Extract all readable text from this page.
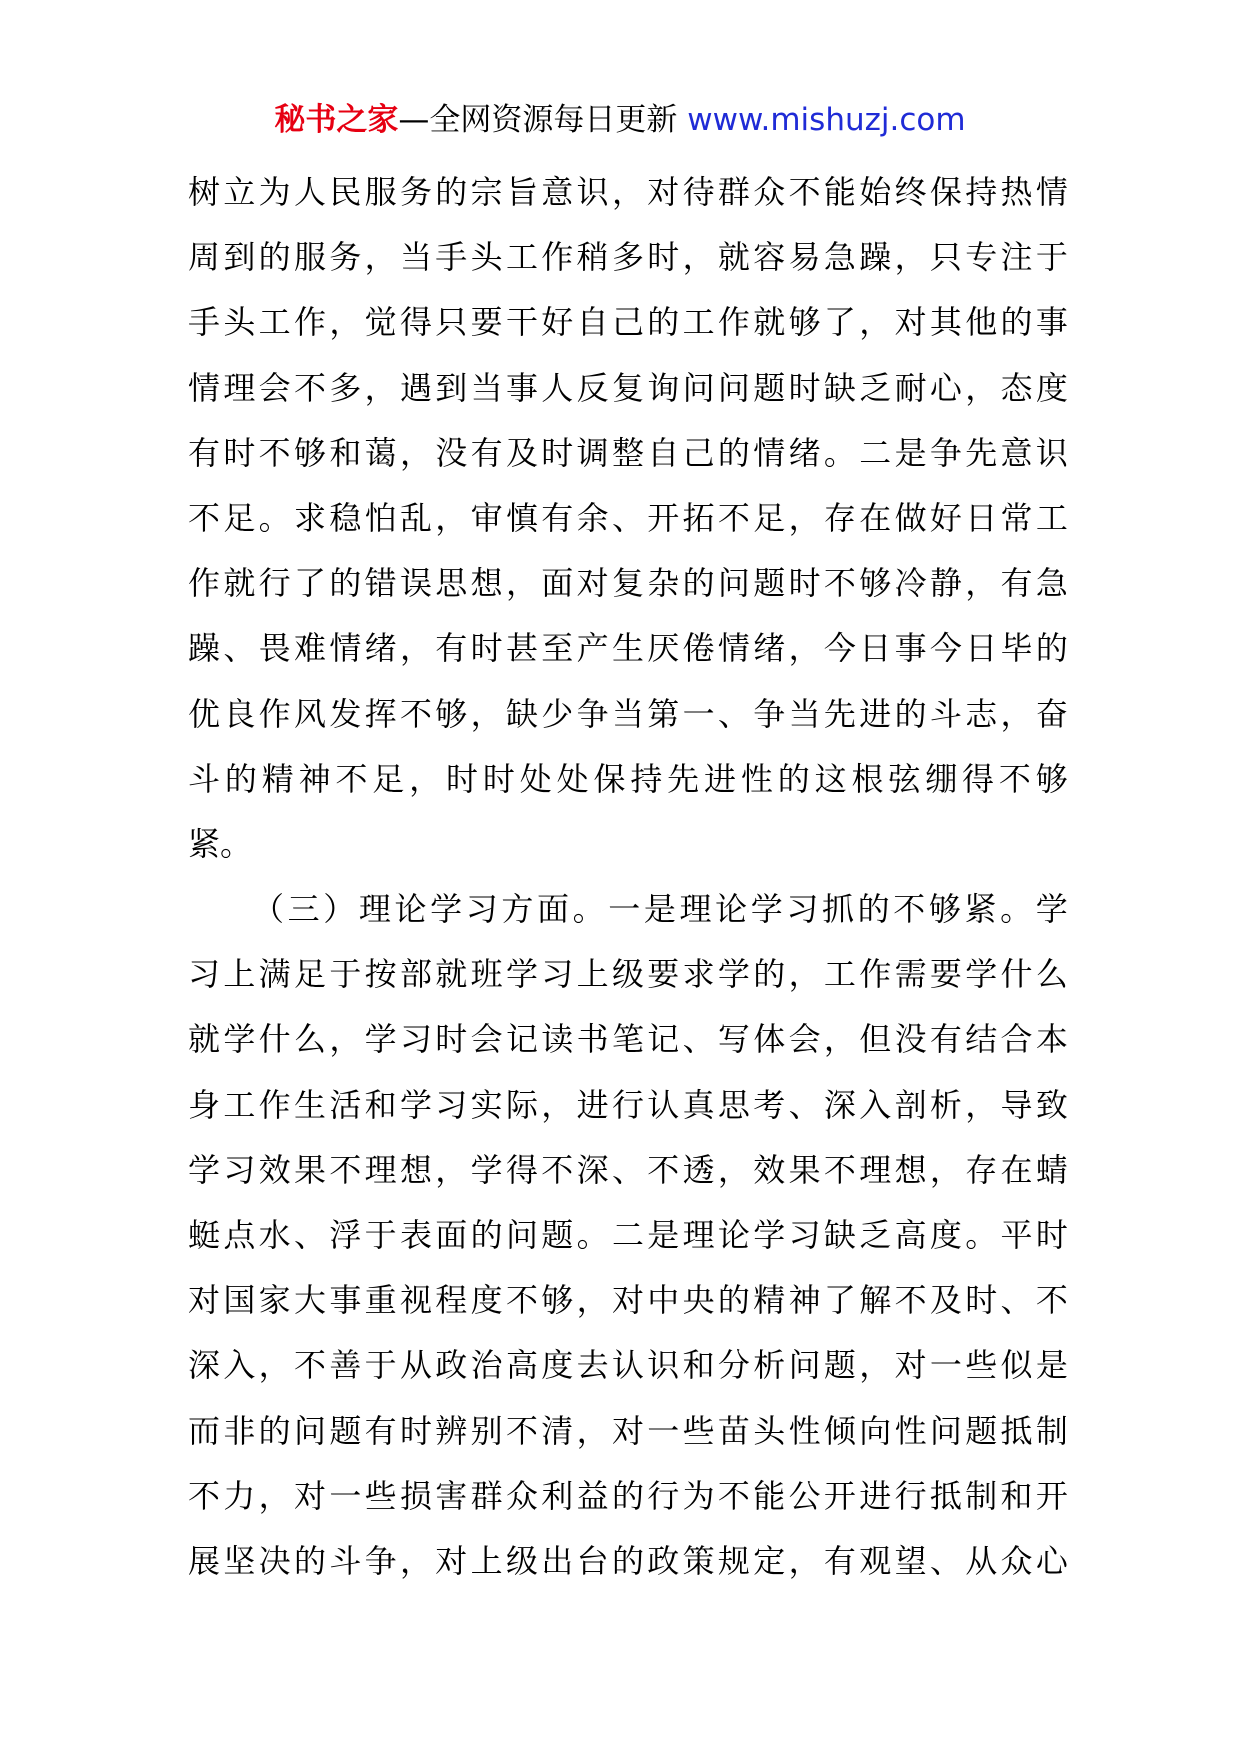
秘书之家—全网资源每日更新 www.mishuzj.com
树 立 为 人 民 服 务 的 宗 旨 意 识 ， 对 待 群 众 不 能 始 终 保 持 热 情
周 到 的 服 务 ， 当 手 头 工 作 稍 多 时 ， 就 容 易 急 躁 ， 只 专 注 于
手 头 工 作 ， 觉 得 只 要 干 好 自 己 的 工 作 就 够 了 ， 对 其 他 的 事
情 理 会 不 多 ， 遇 到 当 事 人 反 复 询 问 问 题 时 缺 乏 耐 心 ， 态 度
有 时 不 够 和 蔼 ， 没 有 及 时 调 整 自 己 的 情 绪 。 二 是 争 先 意 识
不 足 。 求 稳 怕 乱 ， 审 慎 有 余 、 开 拓 不 足 ， 存 在 做 好 日 常 工
作 就 行 了 的 错 误 思 想 ， 面 对 复 杂 的 问 题 时 不 够 冷 静 ， 有 急
躁 、 畏 难 情 绪 ， 有 时 甚 至 产 生 厌 倦 情 绪 ， 今 日 事 今 日 毕 的
优 良 作 风 发 挥 不 够 ， 缺 少 争 当 第 一 、 争 当 先 进 的 斗 志 ， 奋
斗 的 精 神 不 足 ， 时 时 处 处 保 持 先 进 性 的 这 根 弦 绷 得 不 够
紧。
（ 三 ） 理 论 学 习 方 面 。 一 是 理 论 学 习 抓 的 不 够 紧 。 学
习 上 满 足 于 按 部 就 班 学 习 上 级 要 求 学 的 ， 工 作 需 要 学 什 么
就 学 什 么 ， 学 习 时 会 记 读 书 笔 记 、 写 体 会 ， 但 没 有 结 合 本
身 工 作 生 活 和 学 习 实 际 ， 进 行 认 真 思 考 、 深 入 剖 析 ， 导 致
学 习 效 果 不 理 想 ， 学 得 不 深 、 不 透 ， 效 果 不 理 想 ， 存 在 蜻
蜓 点 水 、 浮 于 表 面 的 问 题 。 二 是 理 论 学 习 缺 乏 高 度 。 平 时
对 国 家 大 事 重 视 程 度 不 够 ， 对 中 央 的 精 神 了 解 不 及 时 、 不
深 入 ， 不 善 于 从 政 治 高 度 去 认 识 和 分 析 问 题 ， 对 一 些 似 是
而 非 的 问 题 有 时 辨 别 不 清 ， 对 一 些 苗 头 性 倾 向 性 问 题 抵 制
不 力 ， 对 一 些 损 害 群 众 利 益 的 行 为 不 能 公 开 进 行 抵 制 和 开
展 坚 决 的 斗 争 ， 对 上 级 出 台 的 政 策 规 定 ， 有 观 望 、 从 众 心
